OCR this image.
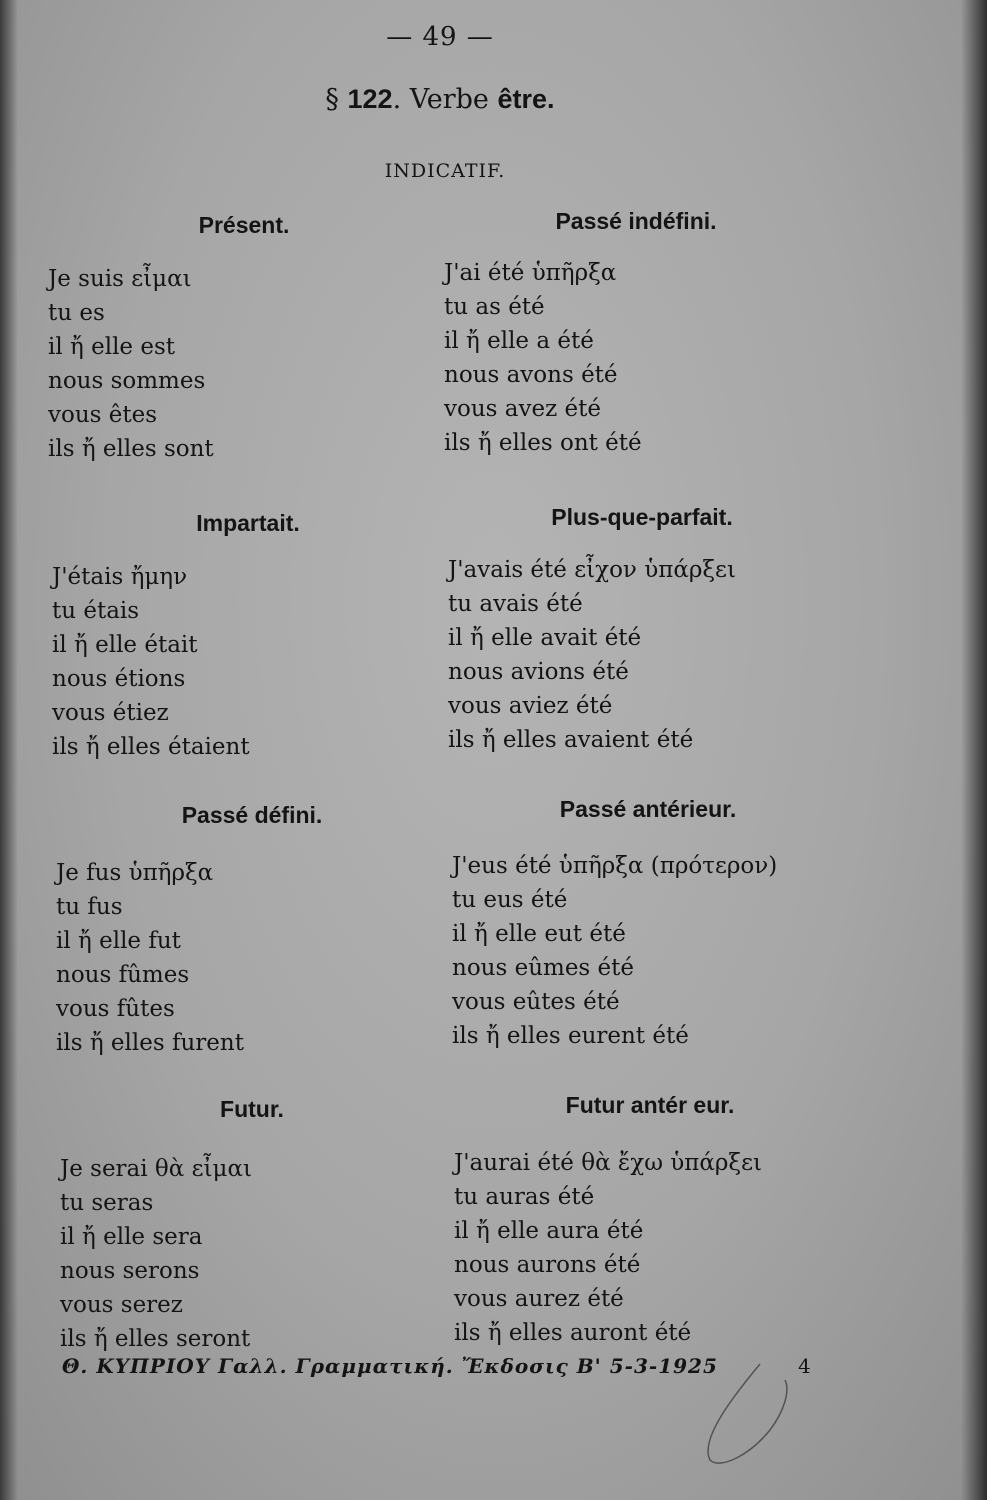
— 49 —
§ 122. Verbe être.
INDICATIF.
Présent.
Je suis εἶμαι
tu es
il ἤ elle est
nous sommes
vous êtes
ils ἤ elles sont
Passé indéfini.
J'ai été ὑπῆρξα
tu as été
il ἤ elle a été
nous avons été
vous avez été
ils ἤ elles ont été
Impartait.
J'étais ἤμην
tu étais
il ἤ elle était
nous étions
vous étiez
ils ἤ elles étaient
Plus-que-parfait.
J'avais été εἶχον ὑπάρξει
tu avais été
il ἤ elle avait été
nous avions été
vous aviez été
ils ἤ elles avaient été
Passé défini.
Je fus ὑπῆρξα
tu fus
il ἤ elle fut
nous fûmes
vous fûtes
ils ἤ elles furent
Passé antérieur.
J'eus été ὑπῆρξα (πρότερον)
tu eus été
il ἤ elle eut été
nous eûmes été
vous eûtes été
ils ἤ elles eurent été
Futur.
Je serai θὰ εἶμαι
tu seras
il ἤ elle sera
nous serons
vous serez
ils ἤ elles seront
Futur antér eur.
J'aurai été θὰ ἔχω ὑπάρξει
tu auras été
il ἤ elle aura été
nous aurons été
vous aurez été
ils ἤ elles auront été
Θ. ΚΥΠΡΙΟΥ Γαλλ. Γραμματική. Ἔκδοσις Β' 5-3-1925	4
